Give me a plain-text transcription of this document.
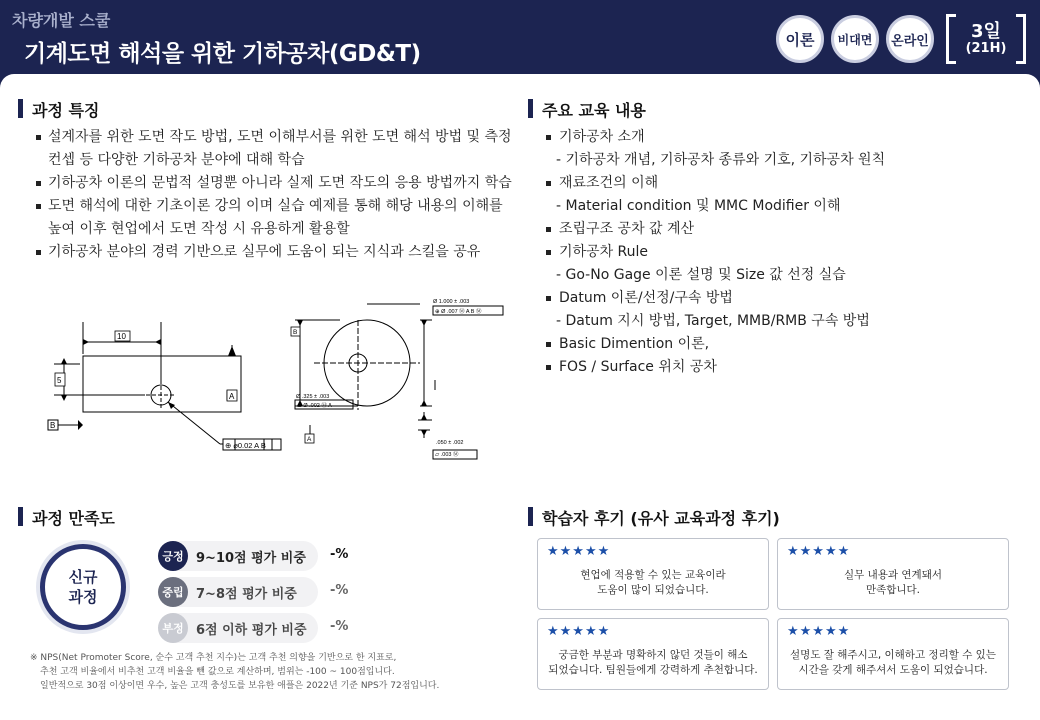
차량개발 스쿨
기계도면 해석을 위한 기하공차(GD&T)
이론	비대면	온라인	3일
(21H)
과정 특징
설계자를 위한 도면 작도 방법, 도면 이해부서를 위한 도면 해석 방법 및 측정 컨셉 등 다양한 기하공차 분야에 대해 학습
기하공차 이론의 문법적 설명뿐 아니라 실제 도면 작도의 응용 방법까지 학습
도면 해석에 대한 기초이론 강의 이며 실습 예제를 통해 해당 내용의 이해를 높여 이후 현업에서 도면 작성 시 유용하게 활용할
기하공차 분야의 경력 기반으로 실무에 도움이 되는 지식과 스킬을 공유
10
5
A
B
⊕ ⌀0.02 A B
Ø 1.000 ± .003
⊕ Ø .007 Ⓜ A B Ⓜ
B
Ø .325 ± .003
⊥ Ø .002 Ⓜ A
A	.050 ± .002
▱ .003 Ⓜ
주요 교육 내용
기하공차 소개
- 기하공차 개념, 기하공차 종류와 기호, 기하공차 원칙
재료조건의 이해
- Material condition 및 MMC Modifier 이해
조립구조 공차 값 계산
기하공차 Rule
- Go-No Gage 이론 설명 및 Size 값 선정 실습
Datum 이론/선정/구속 방법
- Datum 지시 방법, Target, MMB/RMB 구속 방법
Basic Dimention 이론,
FOS / Surface 위치 공차
과정 만족도
신규
과정
긍정 9~10점 평가 비중 -%
중립 7~8점 평가 비중	-%
부정 6점 이하 평가 비중 -%
※ NPS(Net Promoter Score, 순수 고객 추천 지수)는 고객 추천 의향을 기반으로 한 지표로,
추천 고객 비율에서 비추천 고객 비율을 뺀 값으로 계산하며, 범위는 -100 ~ 100점입니다.
일반적으로 30점 이상이면 우수, 높은 고객 충성도를 보유한 애플은 2022년 기준 NPS가 72점입니다.
학습자 후기 (유사 교육과정 후기)
★★★★★
현업에 적용할 수 있는 교육이라
도움이 많이 되었습니다.
★★★★★
실무 내용과 연계돼서
만족합니다.
★★★★★
궁금한 부분과 명확하지 않던 것들이 해소
되었습니다. 팀원들에게 강력하게 추천합니다.
★★★★★
설명도 잘 해주시고, 이해하고 정리할 수 있는
시간을 갖게 해주셔서 도움이 되었습니다.
